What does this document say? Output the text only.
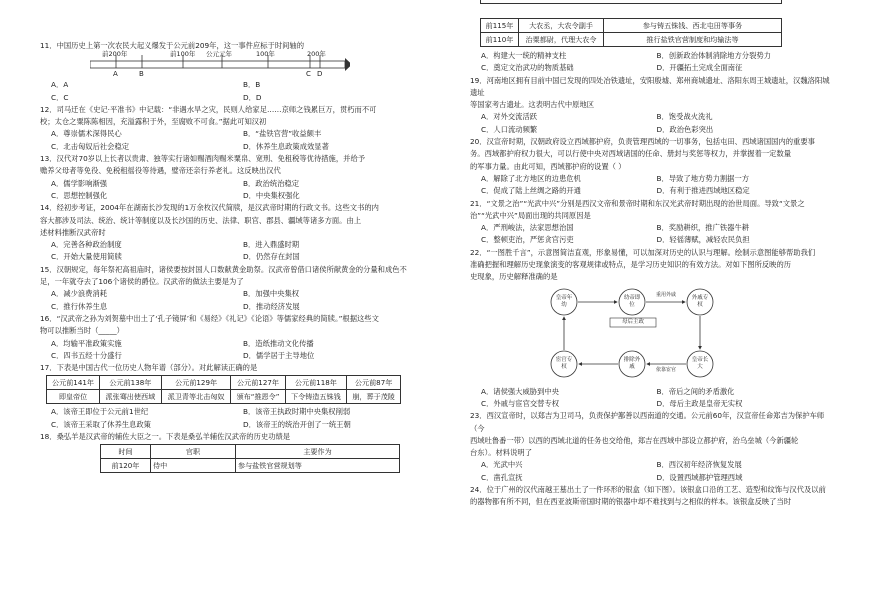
11．中国历史上第一次农民大起义爆发于公元前209年，这一事件应标于时间轴的

前200年	前100年 公元元年	100年	200年
A	B	C D
A．A	B．B
C．C	D．D

12．司马迁在《史记·平准书》中记载：“非遇水旱之灾，民则人给家足……京师之钱累巨万，贯朽而不可
校；太仓之粟陈陈相因，充溢露积于外，至腐败不可食。”据此可知汉初

A．尊崇儒术深得民心	B．“盐铁官营”收益颇丰
C．北击匈奴后社会稳定	D．休养生息政策成效显著

13．汉代对70岁以上长者以贵肃、独等实行诸如赐酒肉赐米粟帛、宽刑、免租税等优待措施，并给予
赡养父母者等免役、免税租徭役等待遇，璧帝还亲行养老礼。这反映出汉代

A．儒学影响渐强	B．政治统治稳定
C．思想控制强化	D．中央集权强化

14．经初步考证，2004年在湖南长沙发现的1万余枚汉代简牍，是汉武帝时期的行政文书。这些文书的内
容大都涉及司法、统治、统计等制度以及长沙国的历史、法律、职官、郡县、疆域等诸多方面。由上
述材料推断汉武帝时

A．完善各种政治制度	B．进入鼎盛时期
C．开始大量使用简牍	D．仍然存在封国

15．汉朝规定，每年祭祀高祖庙时，诸侯要按封国人口数献黄金助祭。汉武帝曾借口诸侯所献黄金的分量和成色不
足，一年就夺去了106个诸侯的爵位。汉武帝的做法主要是为了

A．减少浪费消耗	B．加强中央集权
C．推行休养生息	D．推动经济发展

16．“汉武帝之孙为刘贺墓中出土了‘孔子镜屏’和《易经》《礼记》《论语》等儒家经典的简牍。”根据这些文
物可以推断当时（_____）

A．均输平准政策实施	B．造纸推动文化传播
C．四书五经十分盛行	D．儒学居于主导地位

17．下表是中国古代一位历史人物年谱（部分）。对此解读正确的是

公元前141年	公元前138年	公元前129年	公元前127年	公元前118年	公元前87年
即皇帝位	派张骞出使西域	派卫青等北击匈奴	颁布“推恩令”	下令铸造五铢钱	崩，葬于茂陵
A．该帝王即位于公元前1世纪	B．该帝王执政时期中央集权削弱
C．该帝王采取了休养生息政策	D．该帝王的统治开创了一统王朝

18．桑弘羊是汉武帝的辅佐大臣之一。下表是桑弘羊辅佐汉武帝的历史功绩是

时间	官职	主要作为
前120年	侍中	参与盐铁官营规划等
前115年	大农丞，大农令副手	参与铸五铢钱、西北屯田等事务
前110年	治粟都尉，代理大农令	推行盐铁官营制度和均输法等
A．构建大一统的精神支柱	B．创新政治体制消除地方分裂势力
C．奠定文治武功的物质基础	D．开疆拓土完成全面南征

19．河南地区拥有目前中国已发现的四处冶铁遗址，安阳殷墟、郑州商城遗址、洛阳东周王城遗址，汉魏洛阳城遗址
等国家考古遗址。这表明古代中原地区

A．对外交流活跃	B．饱受战火洗礼
C．人口流动频繁	D．政治色彩突出

20．汉宣帝时期，汉朝政府设立西域都护府，负责管理西域的一切事务，包括屯田、西域诸国国内的重要事
务。西域都护府权力很大，可以行使中央对西域诸国的任命、册封与奖惩等权力，并掌握着一定数量
的军事力量。由此可知，西域都护府的设置（ ）

A．解除了北方地区的边患危机	B．导致了地方势力割据一方
C．促成了陆上丝绸之路的开通	D．有利于推进西域地区稳定

21．“文景之治”“光武中兴”分别是西汉文帝和景帝时期和东汉光武帝时期出现的治世局面。导致“文景之
治”“光武中兴”局面出现的共同原因是

A．严刑峻法，法家思想治国	B．奖励耕织，推广铁器牛耕
C．整顿吏治，严惩贪官污吏	D．轻徭薄赋，减轻农民负担

22．“一图胜千言”，示意图简洁直观，形象易懂，可以加深对历史的认识与理解。绘制示意图能够帮助我们
准确把握和理解历史现象演变的客观规律或特点，是学习历史知识的有效方法。对如下图所反映的历
史现象，历史解释准确的是

皇帝年幼
幼帝即位
外戚专权
皇帝长大
排除外戚
宦官专权
母后主政
重用外戚
依靠宦官
A．诸侯强大威胁到中央	B．帝后之间的矛盾激化
C．外戚与宦官交替专权	D．母后主政是皇帝无实权

23．西汉宣帝时，以郑吉为卫司马，负责保护鄯善以西南道的交通。公元前60年，汉宣帝任命郑吉为保护车师（今
西域吐鲁番一带）以西的西域北道的任务也交给他，郑吉在西域中部设立都护府，治乌垒城（今新疆轮
台东）。材料说明了

A．光武中兴	B．西汉初年经济恢复发展
C．凿孔宣抚	D．设置西域都护管理西域

24．位于广州的汉代南越王墓出土了一件环形的银盒（如下图）。该银盒口沿的工艺、造型和纹饰与汉代及以前
的器物都有所不同，但在西亚波斯帝国时期的银器中却不难找到与之相似的样本。该银盒反映了当时
